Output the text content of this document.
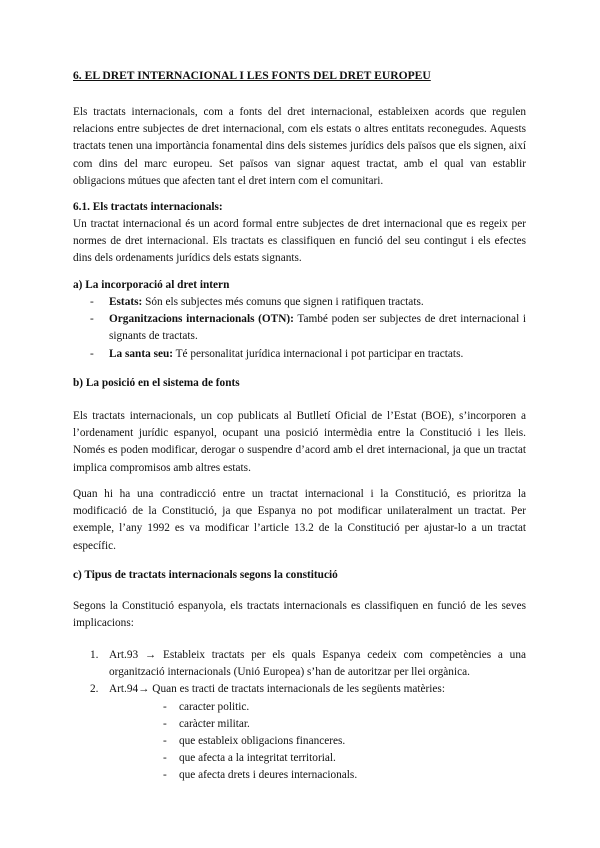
6. EL DRET INTERNACIONAL I LES FONTS DEL DRET EUROPEU

Els tractats internacionals, com a fonts del dret internacional, estableixen acords que regulen relacions entre subjectes de dret internacional, com els estats o altres entitats reconegudes. Aquests tractats tenen una importància fonamental dins dels sistemes jurídics dels països que els signen, així com dins del marc europeu. Set països van signar aquest tractat, amb el qual van establir obligacions mútues que afecten tant el dret intern com el comunitari.

6.1. Els tractats internacionals:

Un tractat internacional és un acord formal entre subjectes de dret internacional que es regeix per normes de dret internacional. Els tractats es classifiquen en funció del seu contingut i els efectes dins dels ordenaments jurídics dels estats signants.

a) La incorporació al dret intern

- Estats: Són els subjectes més comuns que signen i ratifiquen tractats.
- Organitzacions internacionals (OTN): També poden ser subjectes de dret internacional i signants de tractats.
- La santa seu: Té personalitat jurídica internacional i pot participar en tractats.

b) La posició en el sistema de fonts

Els tractats internacionals, un cop publicats al Butlletí Oficial de l’Estat (BOE), s’incorporen a l’ordenament jurídic espanyol, ocupant una posició intermèdia entre la Constitució i les lleis. Només es poden modificar, derogar o suspendre d’acord amb el dret internacional, ja que un tractat implica compromisos amb altres estats.

Quan hi ha una contradicció entre un tractat internacional i la Constitució, es prioritza la modificació de la Constitució, ja que Espanya no pot modificar unilateralment un tractat. Per exemple, l’any 1992 es va modificar l’article 13.2 de la Constitució per ajustar-lo a un tractat específic.

c) Tipus de tractats internacionals segons la constitució

Segons la Constitució espanyola, els tractats internacionals es classifiquen en funció de les seves implicacions:

1. Art.93 → Estableix tractats per els quals Espanya cedeix com competències a una organització internacionals (Unió Europea) s’han de autoritzar per llei orgànica.
2. Art.94→ Quan es tracti de tractats internacionals de les següents matèries:
- caracter politic.
- caràcter militar.
- que estableix obligacions financeres.
- que afecta a la integritat territorial.
- que afecta drets i deures internacionals.
